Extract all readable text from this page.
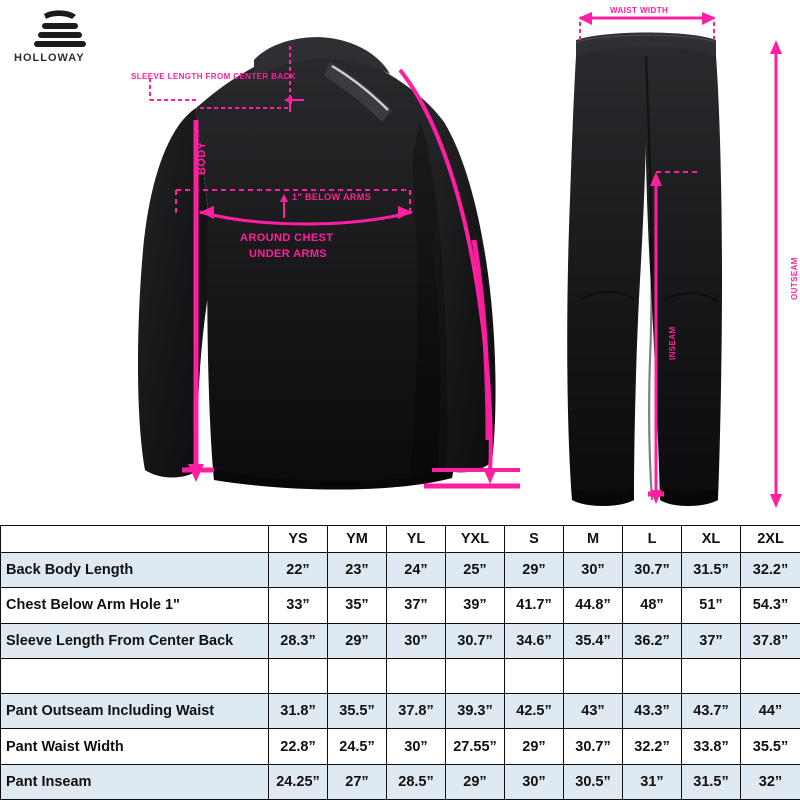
HOLLOWAY
SLEEVE LENGTH FROM CENTER BACK
BODY
1" BELOW ARMS
AROUND CHEST
UNDER ARMS
WAIST WIDTH
OUTSEAM
INSEAM
	YS	YM	YL	YXL	S	M	L	XL	2XL
Back Body Length	22”	23”	24”	25”	29”	30”	30.7”	31.5”	32.2”
Chest Below Arm Hole 1"	33”	35”	37”	39”	41.7”	44.8”	48”	51”	54.3”
Sleeve Length From Center Back	28.3”	29”	30”	30.7”	34.6”	35.4”	36.2”	37”	37.8”

Pant Outseam Including Waist	31.8”	35.5”	37.8”	39.3”	42.5”	43”	43.3”	43.7”	44”
Pant Waist Width	22.8”	24.5”	30”	27.55”	29”	30.7”	32.2”	33.8”	35.5”
Pant Inseam	24.25”	27”	28.5”	29”	30”	30.5”	31”	31.5”	32”
